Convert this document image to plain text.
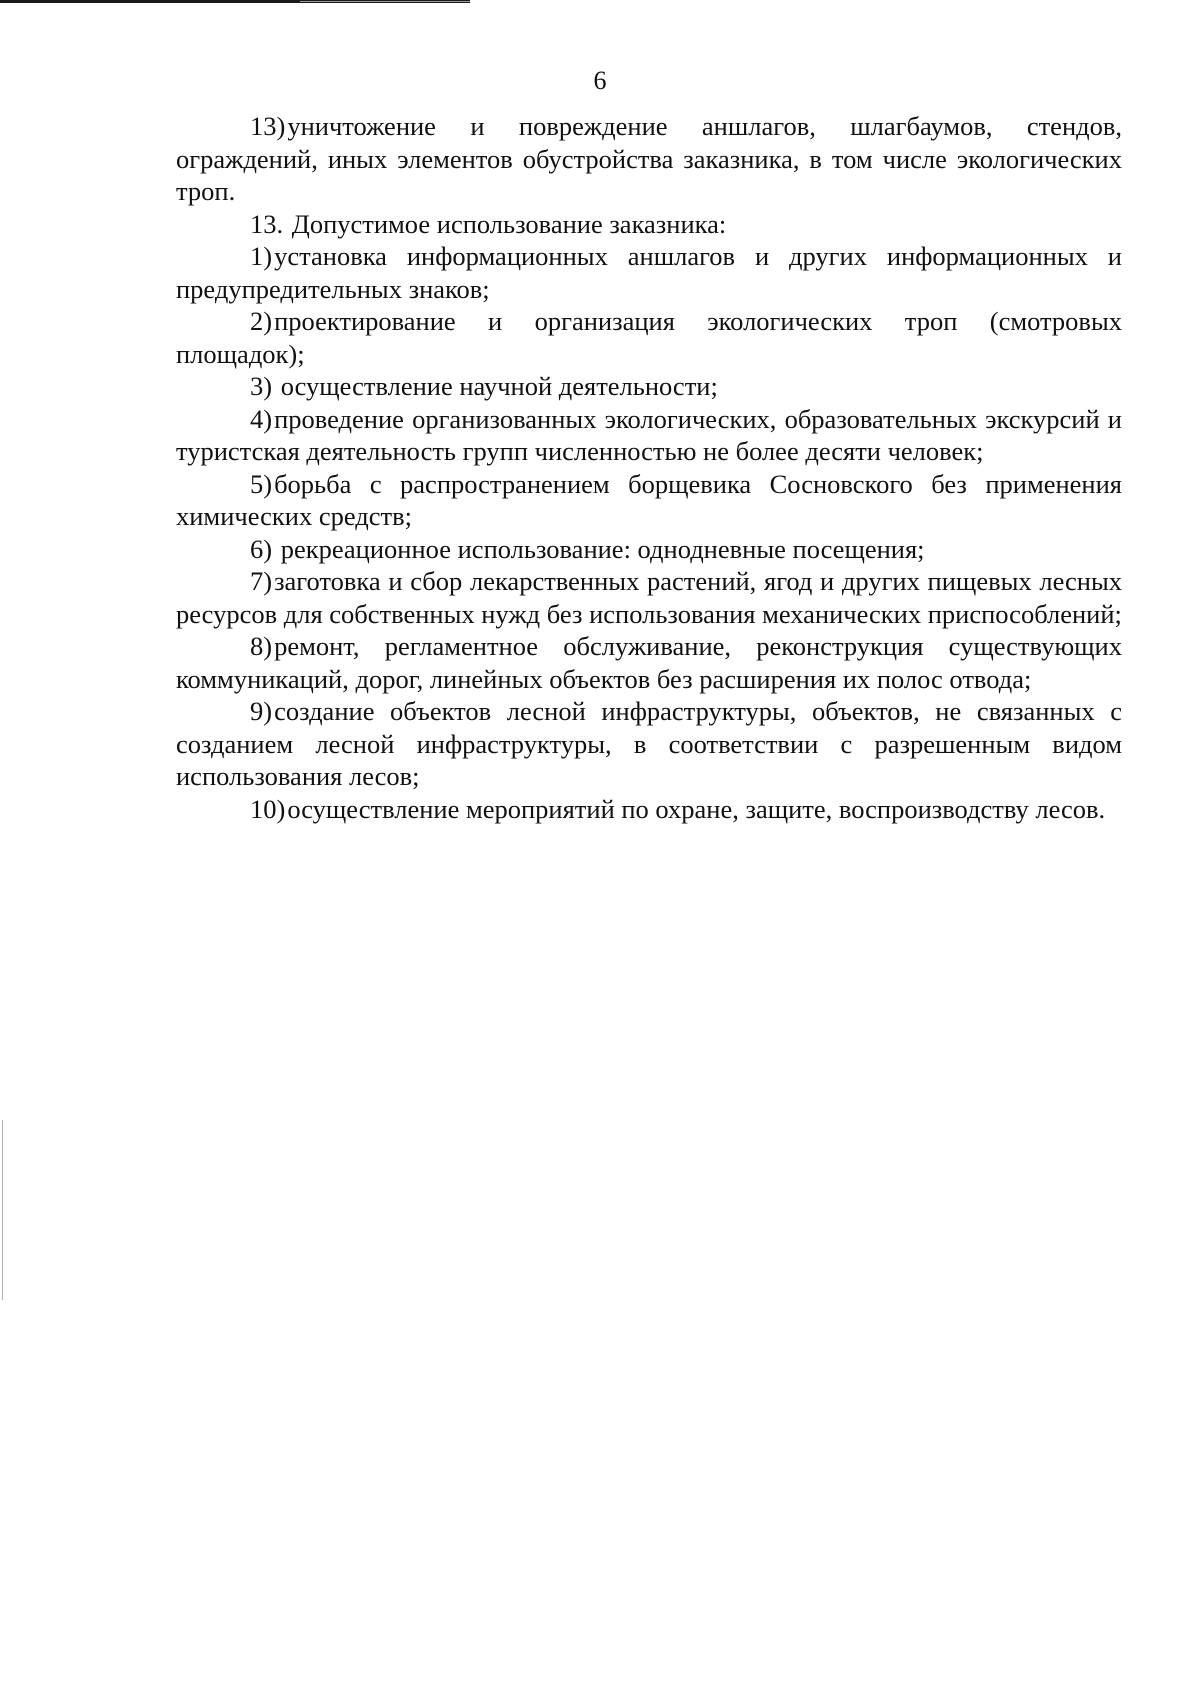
6

13)уничтожение и повреждение аншлагов, шлагбаумов, стендов, ограждений, иных элементов обустройства заказника, в том числе экологических троп.

13. Допустимое использование заказника:

1)установка информационных аншлагов и других информационных и предупредительных знаков;

2)проектирование и организация экологических троп (смотровых площадок);

3) осуществление научной деятельности;

4)проведение организованных экологических, образовательных экскурсий и туристская деятельность групп численностью не более десяти человек;

5)борьба с распространением борщевика Сосновского без применения химических средств;

6) рекреационное использование: однодневные посещения;

7)заготовка и сбор лекарственных растений, ягод и других пищевых лесных ресурсов для собственных нужд без использования механических приспособлений;

8)ремонт, регламентное обслуживание, реконструкция существующих коммуникаций, дорог, линейных объектов без расширения их полос отвода;

9)создание объектов лесной инфраструктуры, объектов, не связанных с созданием лесной инфраструктуры, в соответствии с разрешенным видом использования лесов;

10)осуществление мероприятий по охране, защите, воспроизводству лесов.
